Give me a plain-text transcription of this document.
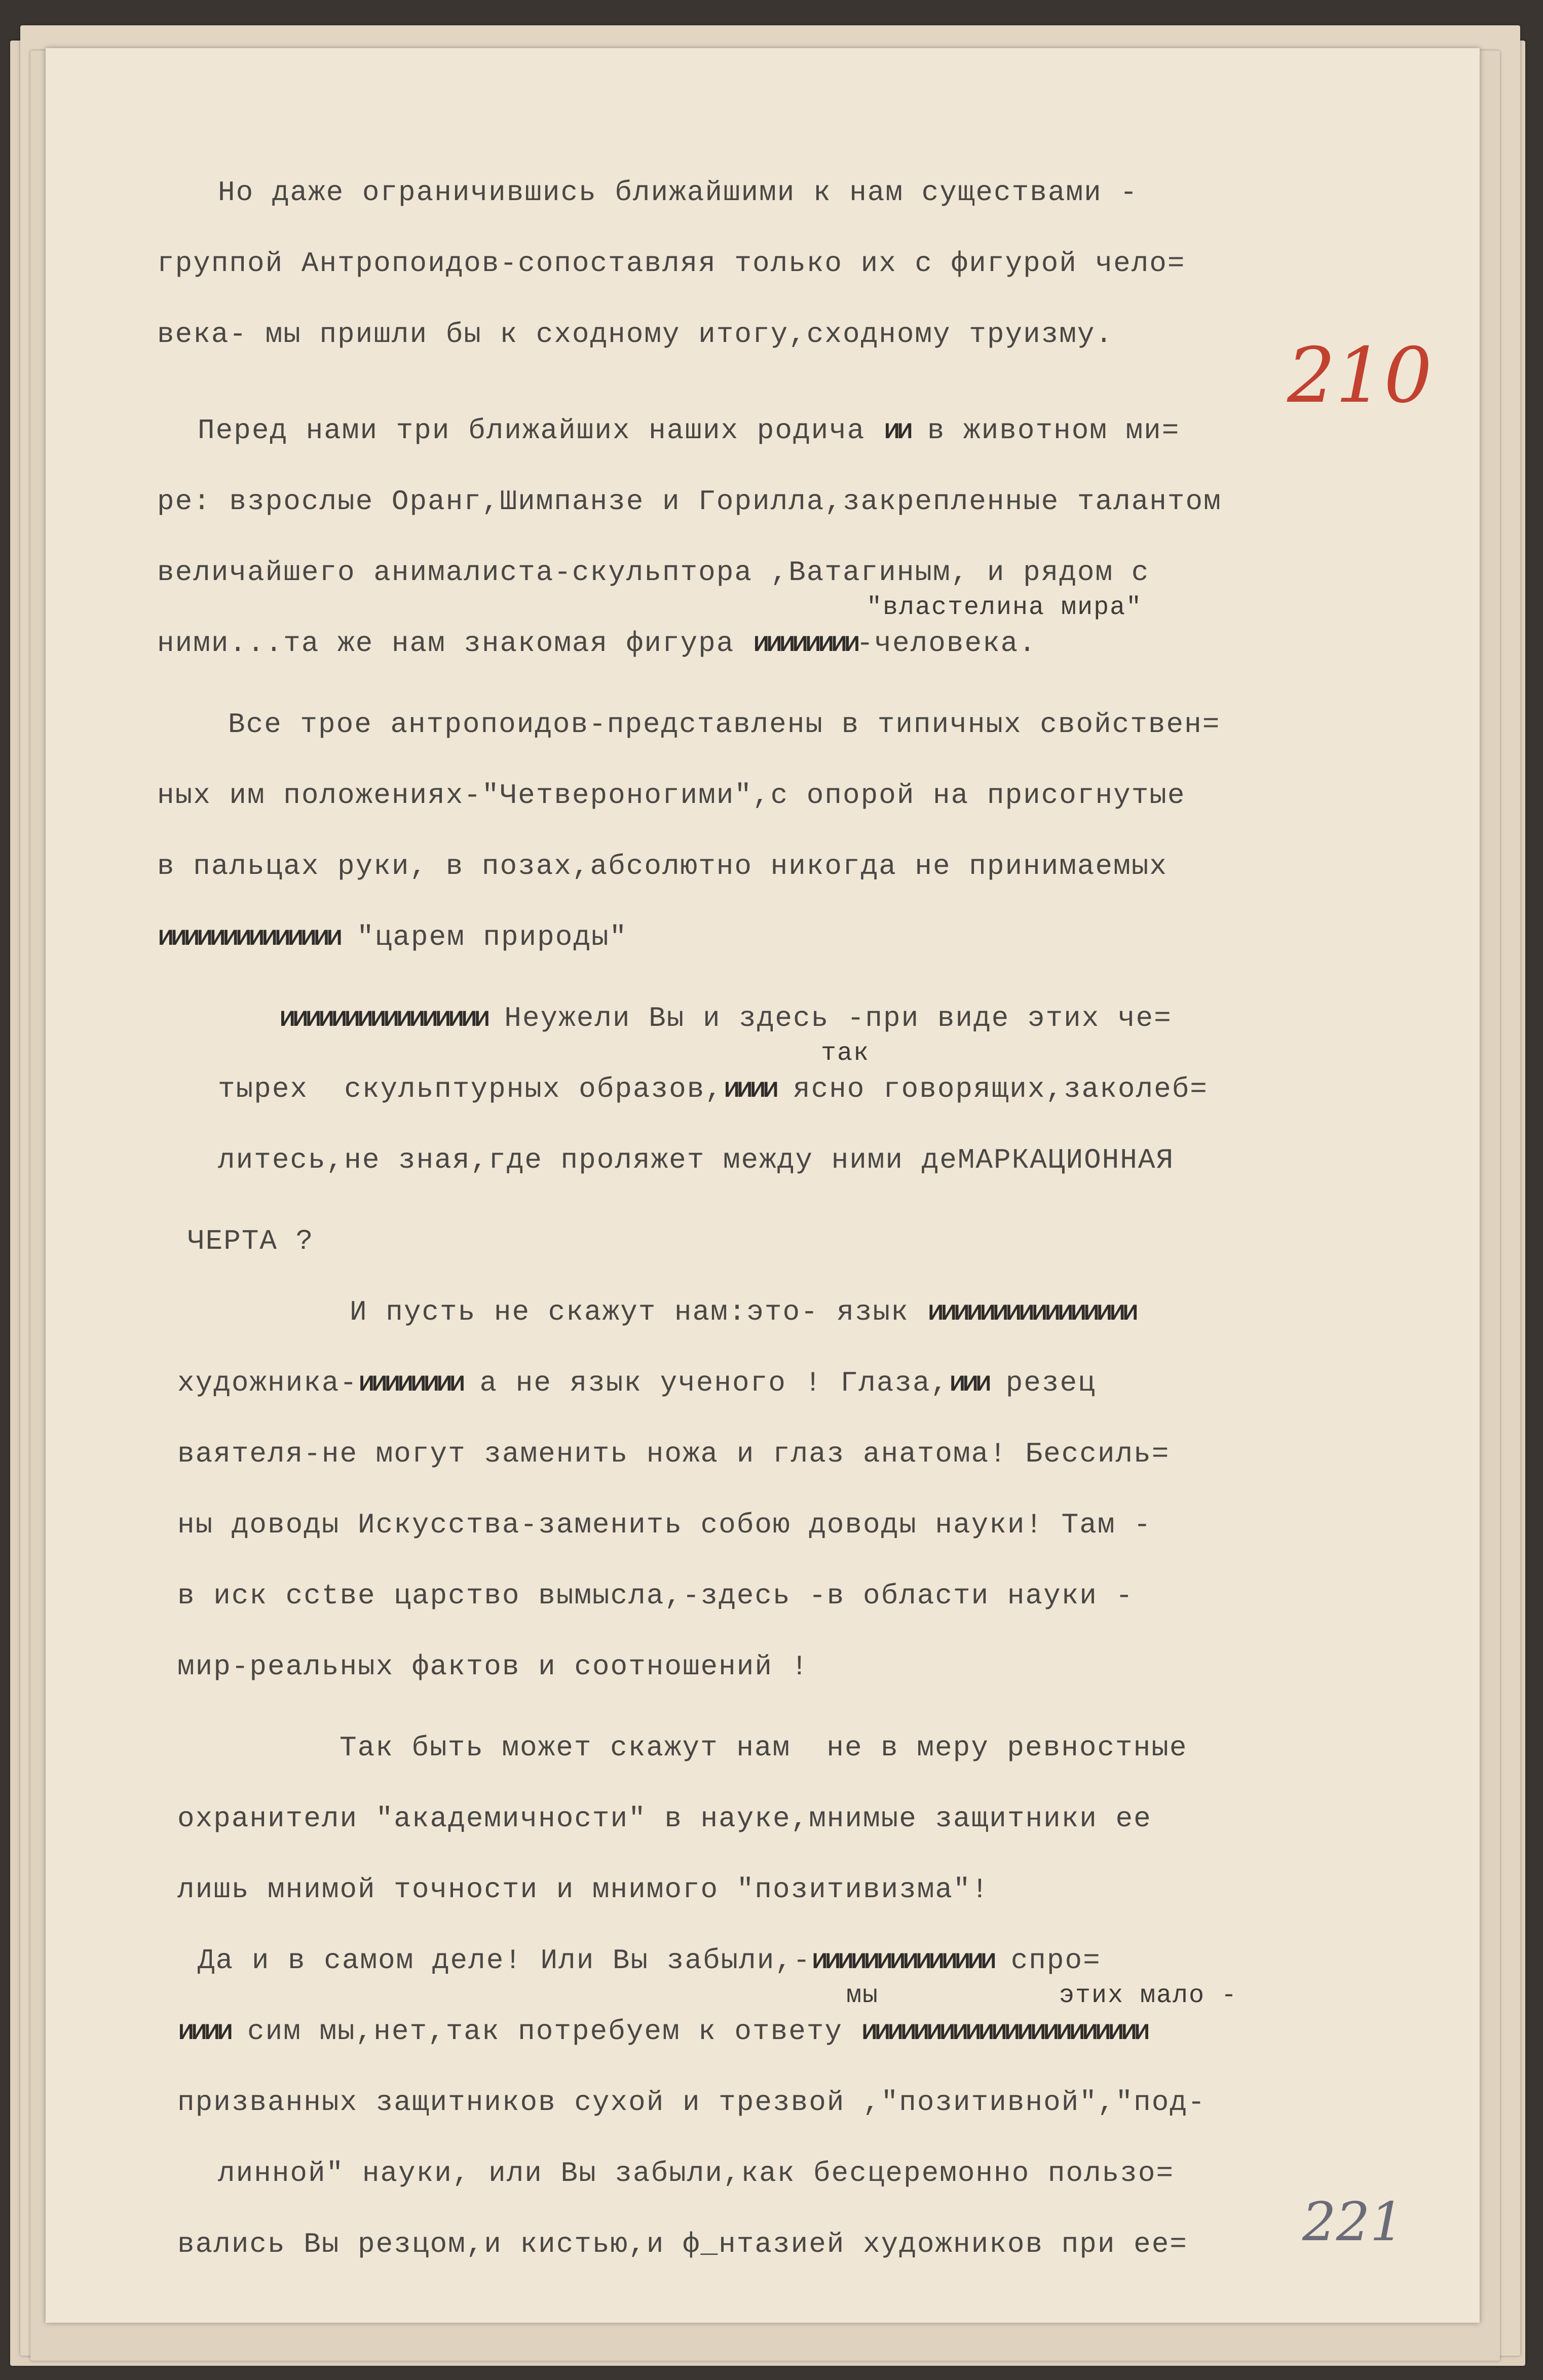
210
Но даже ограничившись ближайшими к нам существами -
группой Антропоидов-сопоставляя только их с фигурой чело=
века- мы пришли бы к сходному итогу,сходному труизму.
Перед нами три ближайших наших родича ии в животном ми=
ре: взрослые Оранг,Шимпанзе и Горилла,закрепленные талантом
величайшего анималиста-скульптора ,Ватагиным, и рядом с
"властелина мира"
ними...та же нам знакомая фигура ииииииии-человека.
Все трое антропоидов-представлены в типичных свойствен=
ных им положениях-"Четвероногими",с опорой на присогнутые
в пальцах руки, в позах,абсолютно никогда не принимаемых
ииииииииииииии "царем природы"
ииииииииииииииии Неужели Вы и здесь -при виде этих че=
так
тырех  скульптурных образов,ииии ясно говорящих,заколеб=
литесь,не зная,где проляжет между ними деМАРКАЦИОННАЯ
ЧЕРТА ?
И пусть не скажут нам:это- язык ииииииииииииииии
художника-ииииииии а не язык ученого ! Глаза,иии резец
ваятеля-не могут заменить ножа и глаз анатома! Бессиль=
ны доводы Искусства-заменить собою доводы науки! Там -
в иск ссtве царство вымысла,-здесь -в области науки -
мир-реальных фактов и соотношений !
Так быть может скажут нам  не в меру ревностные
охранители "академичности" в науке,мнимые защитники ее
лишь мнимой точности и мнимого "позитивизма"!
Да и в самом деле! Или Вы забыли,-ииииииииииииии спро=
мы	этих мало -
ииии сим мы,нет,так потребуем к ответу ииииииииииииииииииииии
призванных защитников сухой и трезвой ,"позитивной","под-
линной" науки, или Вы забыли,как бесцеремонно пользо=
вались Вы резцом,и кистью,и ф_нтазией художников при ее= 221
